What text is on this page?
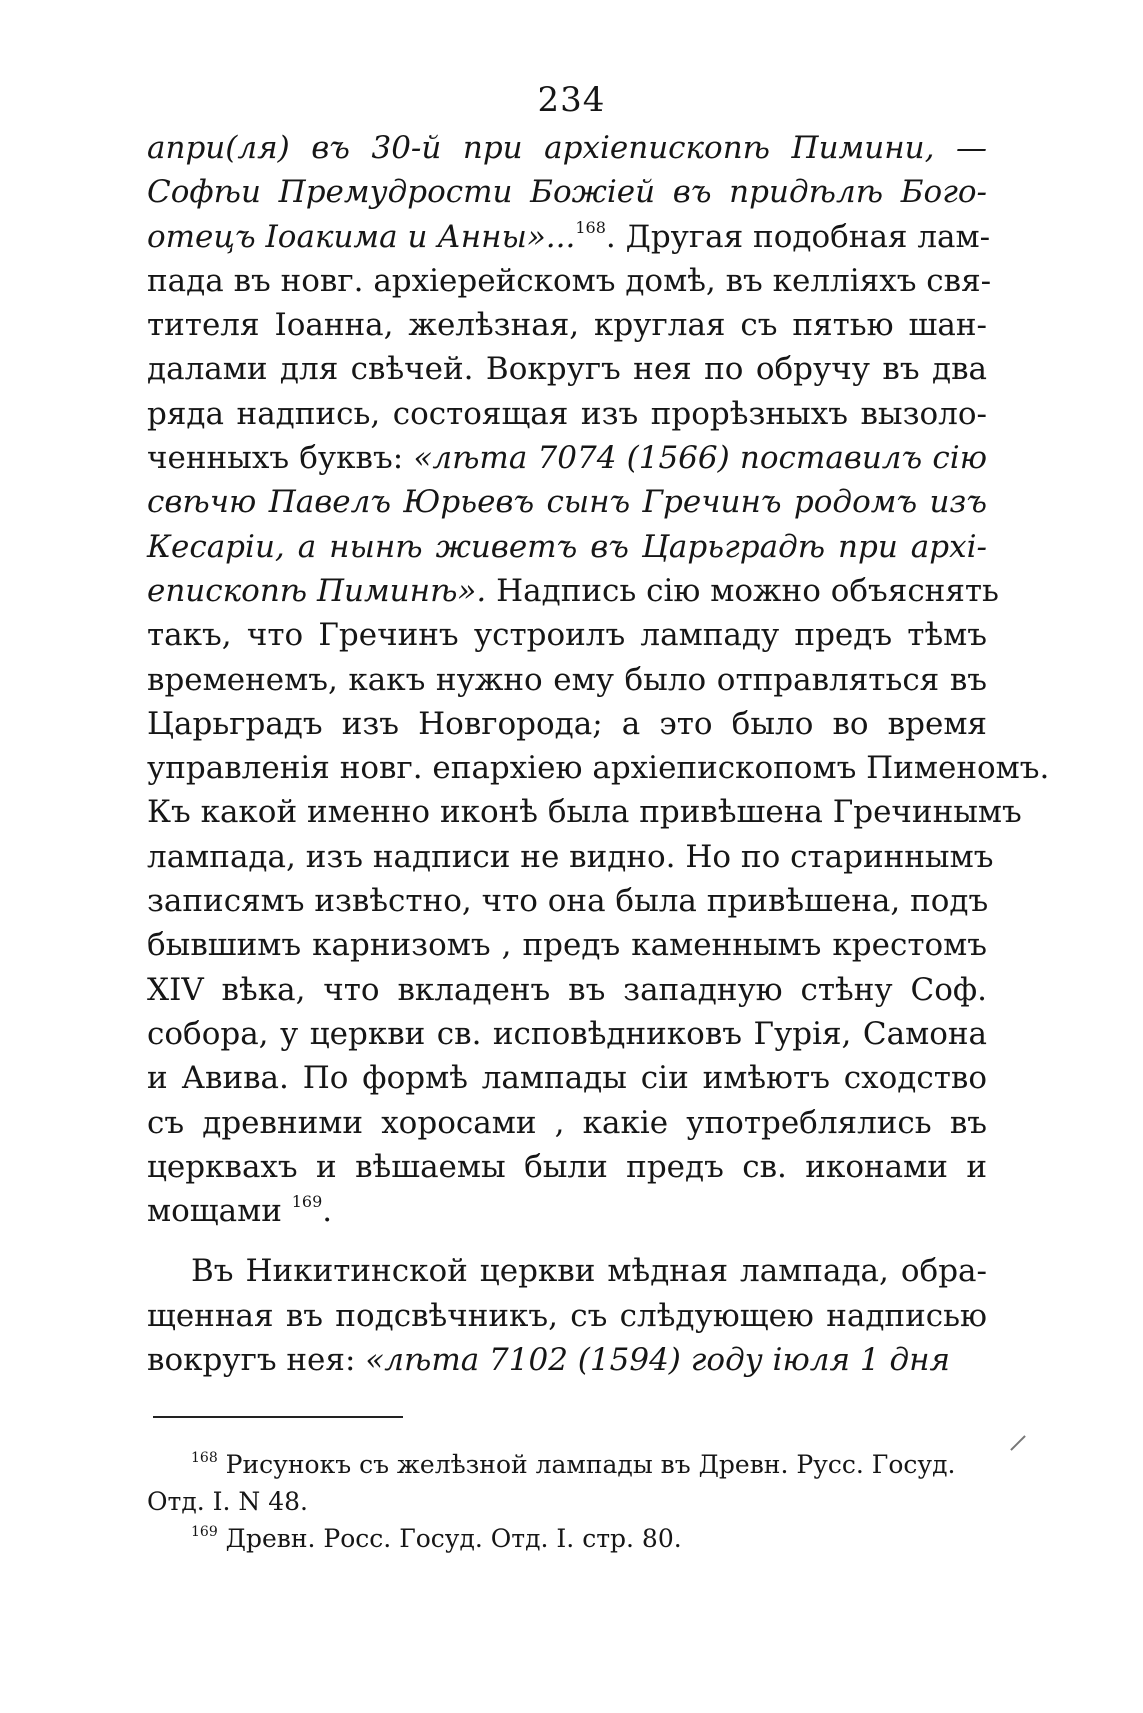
234
апри(ля) въ 30-й при архіепископѣ Пимини, —
Софѣи Премудрости Божіей въ придѣлѣ Бого-
отецъ Іоакима и Анны»...$^{168}$. Другая подобная лам-
пада въ новг. архіерейскомъ домѣ, въ келліяхъ свя-
тителя Іоанна, желѣзная, круглая съ пятью шан-
далами для свѣчей. Вокругъ нея по обручу въ два
ряда надпись, состоящая изъ прорѣзныхъ вызоло-
ченныхъ буквъ: «лѣта 7074 (1566) поставилъ сію
свѣчю Павелъ Юрьевъ сынъ Гречинъ родомъ изъ
Кесаріи, а нынѣ живетъ въ Царьградѣ при архі-
епископѣ Пиминѣ». Надпись сію можно объяснять
такъ, что Гречинъ устроилъ лампаду предъ тѣмъ
временемъ, какъ нужно ему было отправляться въ
Царьградъ изъ Новгорода; а это было во время
управленія новг. епархіею архіепископомъ Пименомъ.
Къ какой именно иконѣ была привѣшена Гречинымъ
лампада, изъ надписи не видно. Но по стариннымъ
записямъ извѣстно, что она была привѣшена, подъ
бывшимъ карнизомъ , предъ каменнымъ крестомъ
XIV вѣка, что вкладенъ въ западную стѣну Соф.
собора, у церкви св. исповѣдниковъ Гурія, Самона
и Авива. По формѣ лампады сіи имѣютъ сходство
съ древними хоросами , какіе употреблялись въ
церквахъ и вѣшаемы были предъ св. иконами и
мощами $^{169}$.
Въ Никитинской церкви мѣдная лампада, обра-
щенная въ подсвѣчникъ, съ слѣдующею надписью
вокругъ нея: «лѣта 7102 (1594) году іюля 1 дня
$^{168}$ Рисунокъ съ желѣзной лампады въ Древн. Русс. Госуд.
Отд. I. N 48.
$^{169}$ Древн. Росс. Госуд. Отд. I. стр. 80.
